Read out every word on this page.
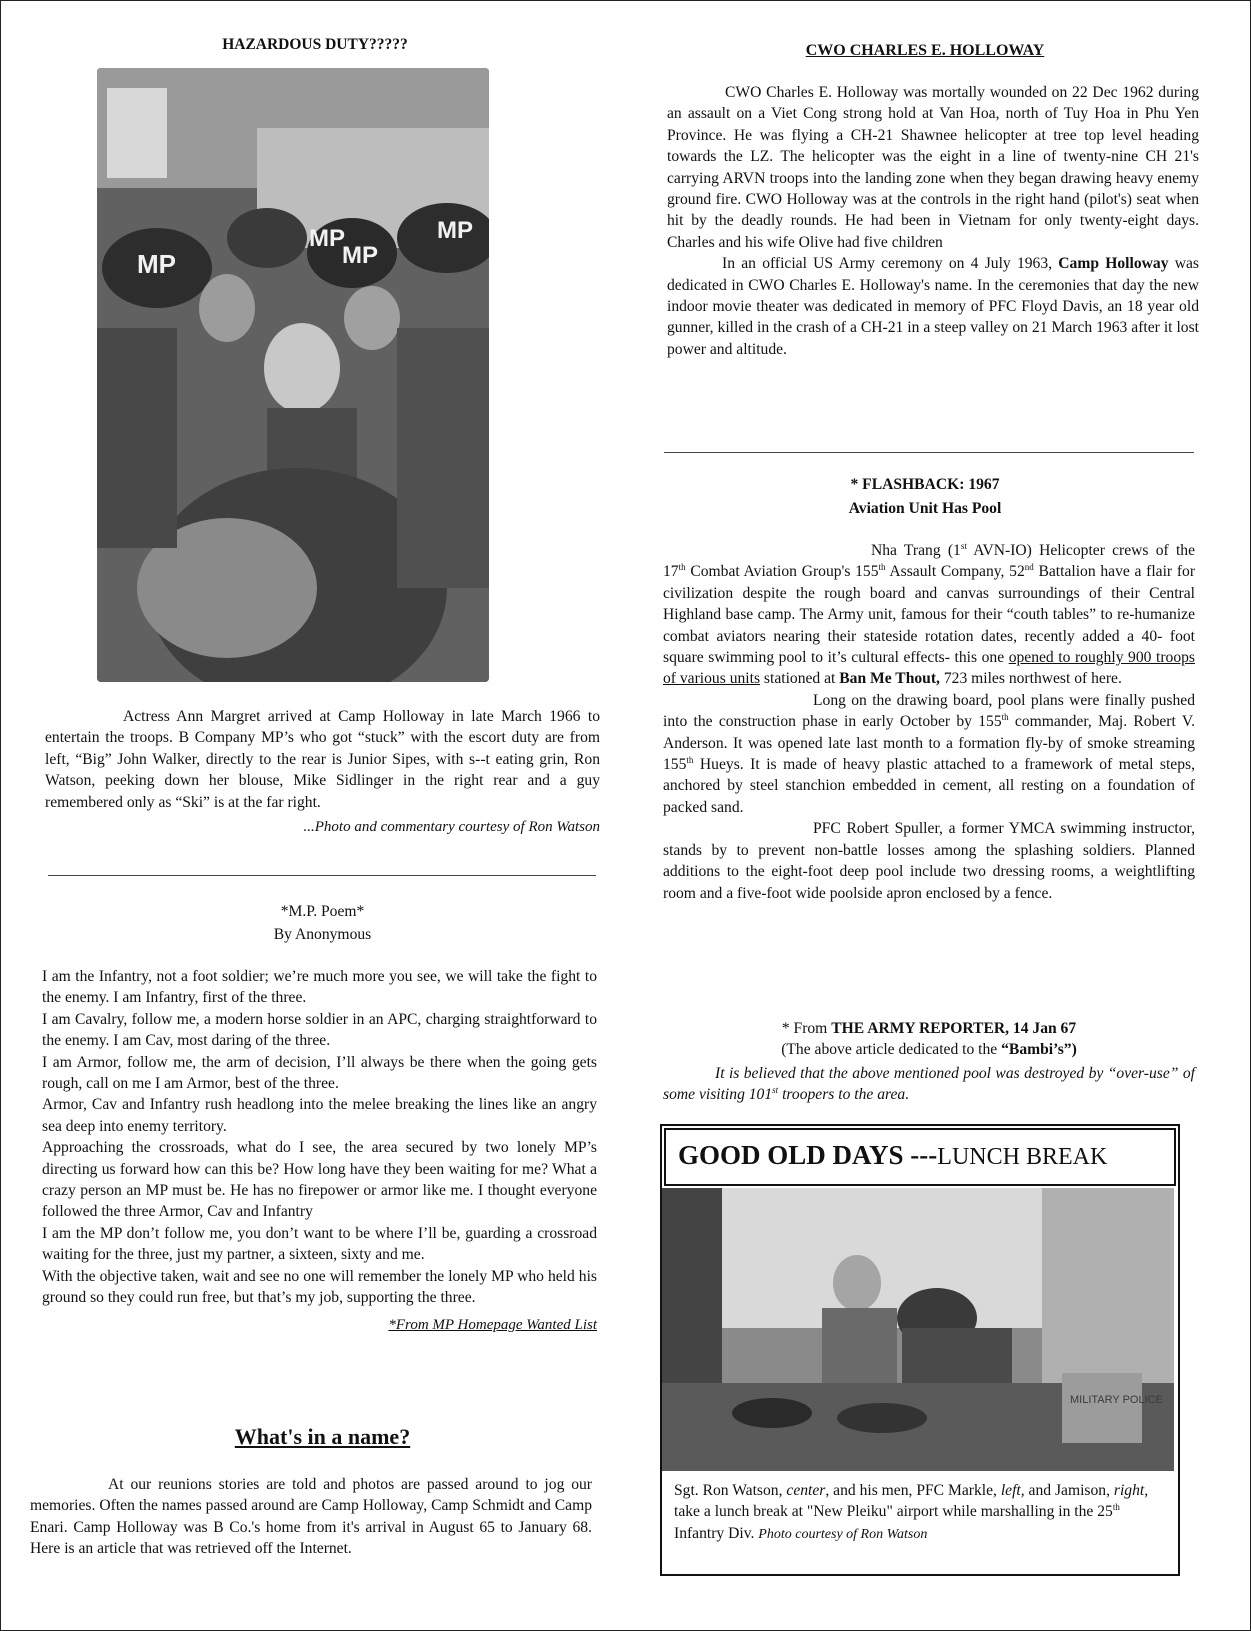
HAZARDOUS DUTY?????
MP
MP
MP
MP

Actress Ann Margret arrived at Camp Holloway in late March 1966 to entertain the troops. B Company MP’s who got “stuck” with the escort duty are from left, “Big” John Walker, directly to the rear is Junior Sipes, with s--t eating grin, Ron Watson, peeking down her blouse, Mike Sidlinger in the right rear and a guy remembered only as “Ski” is at the far right.

...Photo and commentary courtesy of Ron Watson
*M.P. Poem*
By Anonymous
I am the Infantry, not a foot soldier; we’re much more you see, we will take the fight to the enemy. I am Infantry, first of the three.
I am Cavalry, follow me, a modern horse soldier in an APC, charging straightforward to the enemy. I am Cav, most daring of the three.
I am Armor, follow me, the arm of decision, I’ll always be there when the going gets rough, call on me I am Armor, best of the three.
Armor, Cav and Infantry rush headlong into the melee breaking the lines like an angry sea deep into enemy territory.
Approaching the crossroads, what do I see, the area secured by two lonely MP’s directing us forward how can this be? How long have they been waiting for me? What a crazy person an MP must be. He has no firepower or armor like me. I thought everyone followed the three Armor, Cav and Infantry
I am the MP don’t follow me, you don’t want to be where I’ll be, guarding a crossroad waiting for the three, just my partner, a sixteen, sixty and me.
With the objective taken, wait and see no one will remember the lonely MP who held his ground so they could run free, but that’s my job, supporting the three.
*From MP Homepage Wanted List
What's in a name?

At our reunions stories are told and photos are passed around to jog our memories. Often the names passed around are Camp Holloway, Camp Schmidt and Camp Enari. Camp Holloway was B Co.'s home from it's arrival in August 65 to January 68. Here is an article that was retrieved off the Internet.

CWO CHARLES E. HOLLOWAY

CWO Charles E. Holloway was mortally wounded on 22 Dec 1962 during an assault on a Viet Cong strong hold at Van Hoa, north of Tuy Hoa in Phu Yen Province. He was flying a CH-21 Shawnee helicopter at tree top level heading towards the LZ. The helicopter was the eight in a line of twenty-nine CH 21's carrying ARVN troops into the landing zone when they began drawing heavy enemy ground fire. CWO Holloway was at the controls in the right hand (pilot's) seat when hit by the deadly rounds. He had been in Vietnam for only twenty-eight days. Charles and his wife Olive had five children

In an official US Army ceremony on 4 July 1963, Camp Holloway was dedicated in CWO Charles E. Holloway's name. In the ceremonies that day the new indoor movie theater was dedicated in memory of PFC Floyd Davis, an 18 year old gunner, killed in the crash of a CH-21 in a steep valley on 21 March 1963 after it lost power and altitude.

* FLASHBACK: 1967
Aviation Unit Has Pool

Nha Trang (1st AVN-IO) Helicopter crews of the 17th Combat Aviation Group's 155th Assault Company, 52nd Battalion have a flair for civilization despite the rough board and canvas surroundings of their Central Highland base camp. The Army unit, famous for their “couth tables” to re-humanize combat aviators nearing their stateside rotation dates, recently added a 40- foot square swimming pool to it’s cultural effects- this one opened to roughly 900 troops of various units stationed at Ban Me Thout, 723 miles northwest of here.

Long on the drawing board, pool plans were finally pushed into the construction phase in early October by 155th commander, Maj. Robert V. Anderson. It was opened late last month to a formation fly-by of smoke streaming 155th Hueys. It is made of heavy plastic attached to a framework of metal steps, anchored by steel stanchion embedded in cement, all resting on a foundation of packed sand.

PFC Robert Spuller, a former YMCA swimming instructor, stands by to prevent non-battle losses among the splashing soldiers. Planned additions to the eight-foot deep pool include two dressing rooms, a weightlifting room and a five-foot wide poolside apron enclosed by a fence.

* From THE ARMY REPORTER, 14 Jan 67
(The above article dedicated to the “Bambi’s”)

It is believed that the above mentioned pool was destroyed by “over-use” of some visiting 101st troopers to the area.

GOOD OLD DAYS ---LUNCH BREAK
MILITARY POLICE
Sgt. Ron Watson, center, and his men, PFC Markle, left, and Jamison, right, take a lunch break at "New Pleiku" airport while marshalling in the 25th Infantry Div. Photo courtesy of Ron Watson
